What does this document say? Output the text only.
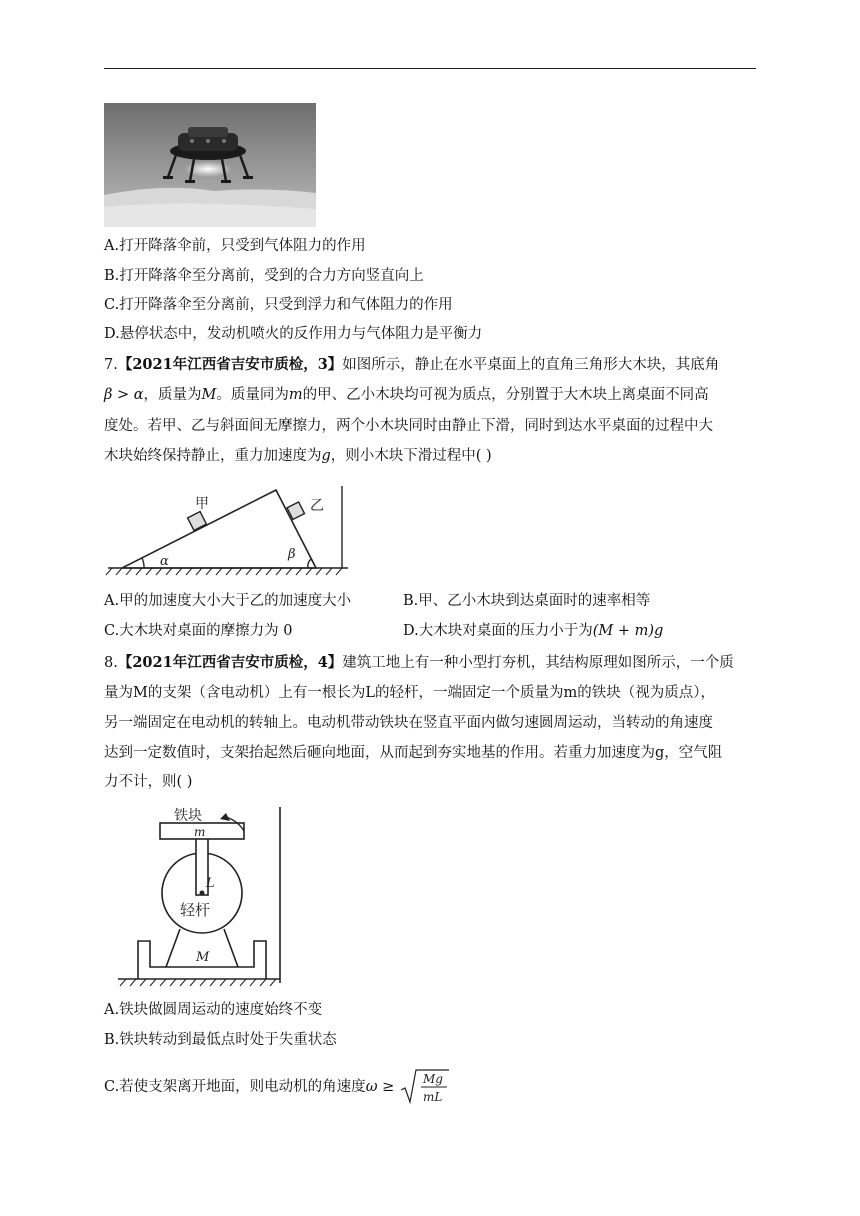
A.打开降落伞前，只受到气体阻力的作用
B.打开降落伞至分离前，受到的合力方向竖直向上
C.打开降落伞至分离前，只受到浮力和气体阻力的作用
D.悬停状态中，发动机喷火的反作用力与气体阻力是平衡力
7.【2021年江西省吉安市质检，3】如图所示，静止在水平桌面上的直角三角形大木块，其底角
β > α，质量为M。质量同为m的甲、乙小木块均可视为质点，分别置于大木块上离桌面不同高
度处。若甲、乙与斜面间无摩擦力，两个小木块同时由静止下滑，同时到达水平桌面的过程中大
木块始终保持静止，重力加速度为g，则小木块下滑过程中( )
甲	乙
α	β
A.甲的加速度大小大于乙的加速度大小	B.甲、乙小木块到达桌面时的速率相等
C.大木块对桌面的摩擦力为 0	D.大木块对桌面的压力小于为(M + m)g
8.【2021年江西省吉安市质检，4】建筑工地上有一种小型打夯机，其结构原理如图所示，一个质
量为M的支架（含电动机）上有一根长为L的轻杆，一端固定一个质量为m的铁块（视为质点），
另一端固定在电动机的转轴上。电动机带动铁块在竖直平面内做匀速圆周运动，当转动的角速度
达到一定数值时，支架抬起然后砸向地面，从而起到夯实地基的作用。若重力加速度为g，空气阻
力不计，则( )
铁块
m
L
轻杆
M
A.铁块做圆周运动的速度始终不变
B.铁块转动到最低点时处于失重状态
C.若使支架离开地面，则电动机的角速度ω ≥ Mg
mL
